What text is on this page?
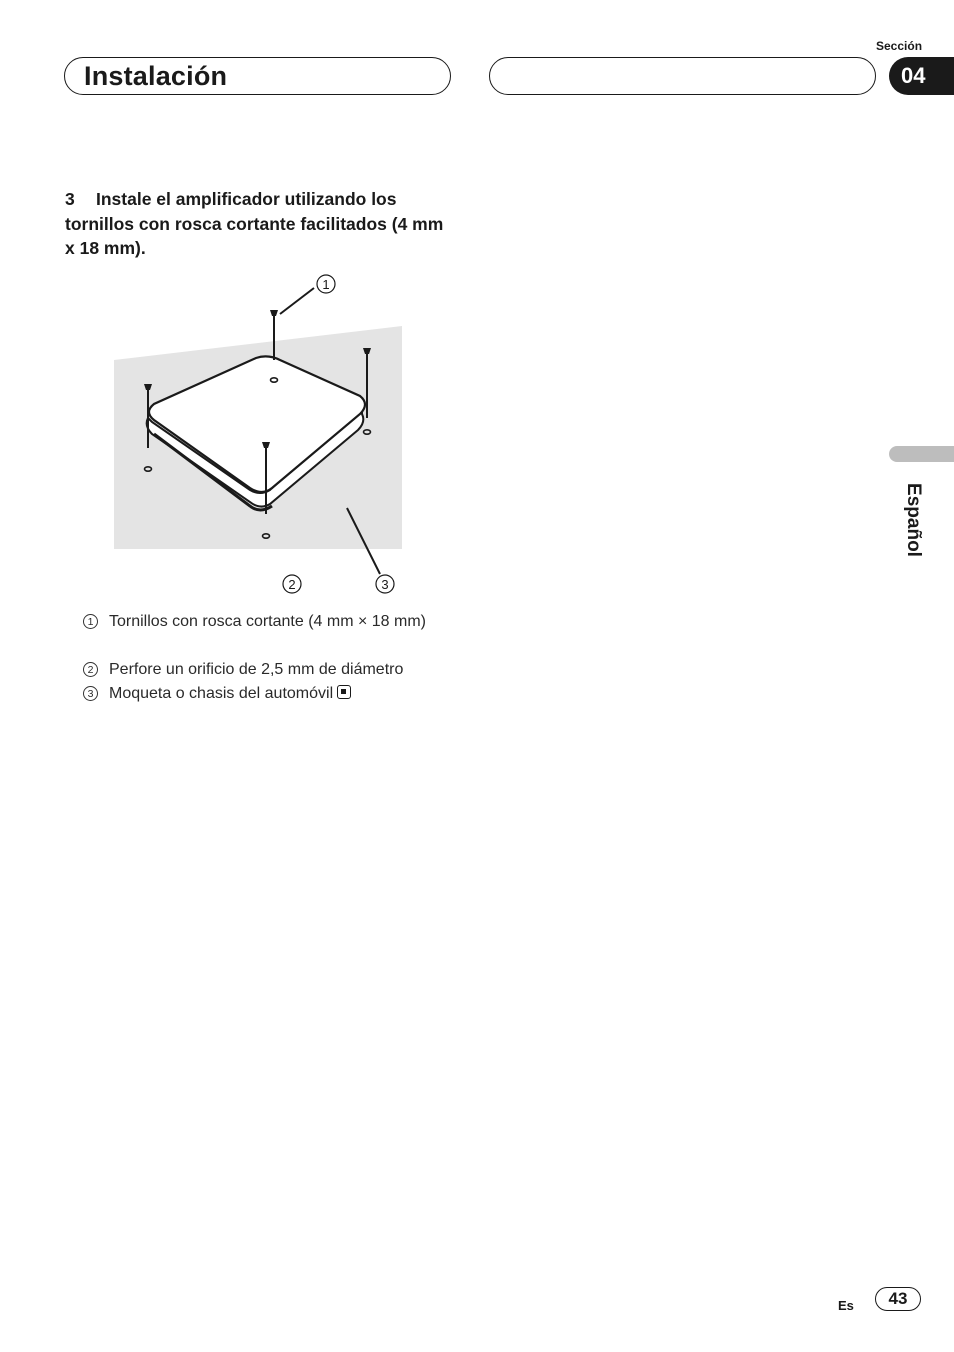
Instalación
Sección
04
Español
3 Instale el amplificador utilizando los tornillos con rosca cortante facilitados (4 mm x 18 mm).
1
2	3
1 Tornillos con rosca cortante (4 mm × 18 mm)
2 Perfore un orificio de 2,5 mm de diámetro
3 Moqueta o chasis del automóvil
Es	43
